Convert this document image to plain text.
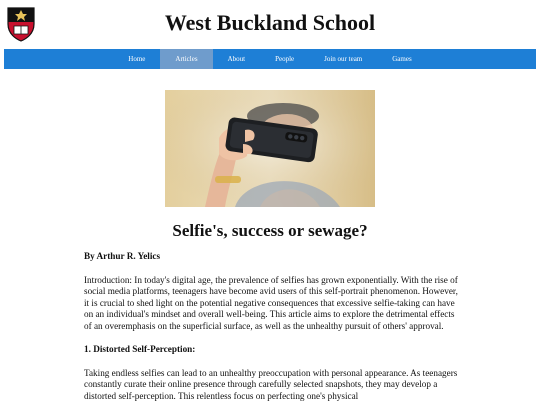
West Buckland School
Home	Articles	About	People	Join our team	Games
Selfie's, success or sewage?

By Arthur R. Yelics

Introduction: In today's digital age, the prevalence of selfies has grown exponentially. With the rise of social media platforms, teenagers have become avid users of this self-portrait phenomenon. However, it is crucial to shed light on the potential negative consequences that excessive selfie-taking can have on an individual's mindset and overall well-being. This article aims to explore the detrimental effects of an overemphasis on the superficial surface, as well as the unhealthy pursuit of others' approval.

1. Distorted Self-Perception:

Taking endless selfies can lead to an unhealthy preoccupation with personal appearance. As teenagers constantly curate their online presence through carefully selected snapshots, they may develop a distorted self-perception. This relentless focus on perfecting one's physical
